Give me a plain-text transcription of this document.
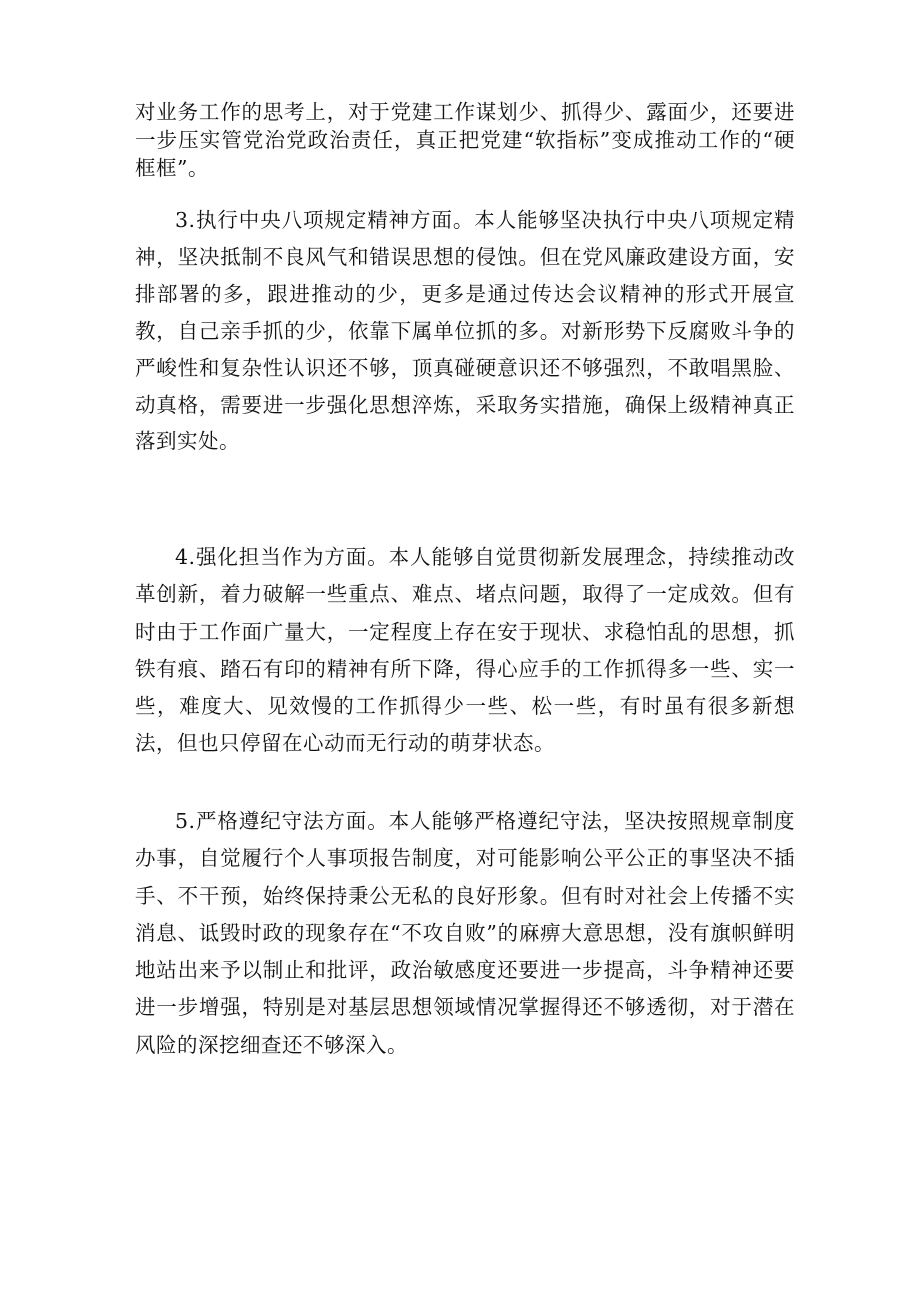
对业务工作的思考上，对于党建工作谋划少、抓得少、露面少，还要进一步压实管党治党政治责任，真正把党建“软指标”变成推动工作的“硬框框”。

3.执行中央八项规定精神方面。本人能够坚决执行中央八项规定精神，坚决抵制不良风气和错误思想的侵蚀。但在党风廉政建设方面，安排部署的多，跟进推动的少，更多是通过传达会议精神的形式开展宣教，自己亲手抓的少，依靠下属单位抓的多。对新形势下反腐败斗争的严峻性和复杂性认识还不够，顶真碰硬意识还不够强烈，不敢唱黑脸、动真格，需要进一步强化思想淬炼，采取务实措施，确保上级精神真正落到实处。

4.强化担当作为方面。本人能够自觉贯彻新发展理念，持续推动改革创新，着力破解一些重点、难点、堵点问题，取得了一定成效。但有时由于工作面广量大，一定程度上存在安于现状、求稳怕乱的思想，抓铁有痕、踏石有印的精神有所下降，得心应手的工作抓得多一些、实一些，难度大、见效慢的工作抓得少一些、松一些，有时虽有很多新想法，但也只停留在心动而无行动的萌芽状态。

5.严格遵纪守法方面。本人能够严格遵纪守法，坚决按照规章制度办事，自觉履行个人事项报告制度，对可能影响公平公正的事坚决不插手、不干预，始终保持秉公无私的良好形象。但有时对社会上传播不实消息、诋毁时政的现象存在“不攻自败”的麻痹大意思想，没有旗帜鲜明地站出来予以制止和批评，政治敏感度还要进一步提高，斗争精神还要进一步增强，特别是对基层思想领域情况掌握得还不够透彻，对于潜在风险的深挖细查还不够深入。
